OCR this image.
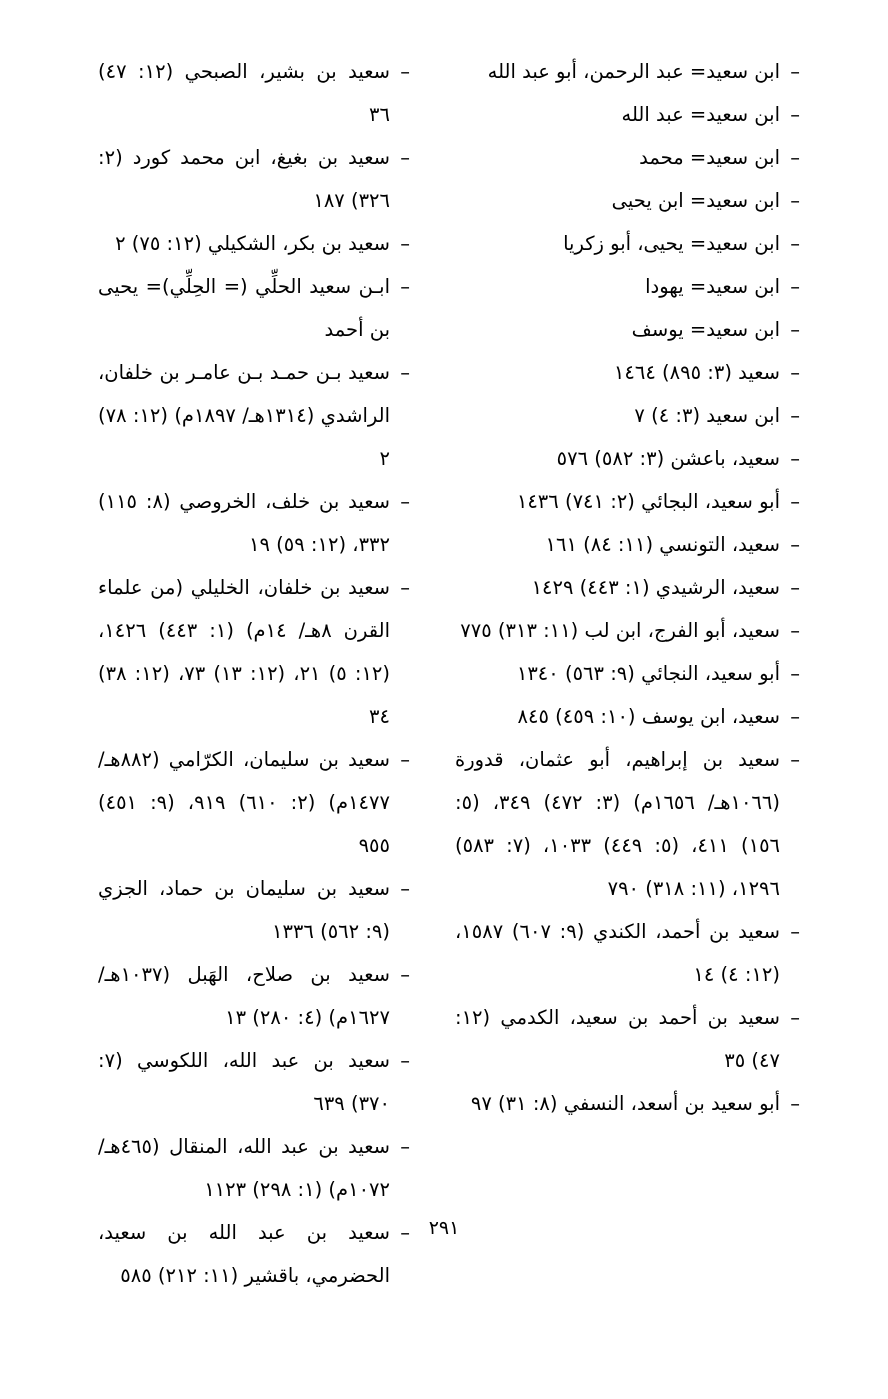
– ابن سعيد= عبد الرحمن، أبو عبد الله
– ابن سعيد= عبد الله
– ابن سعيد= محمد
– ابن سعيد= ابن يحيى
– ابن سعيد= يحيى، أبو زكريا
– ابن سعيد= يهودا
– ابن سعيد= يوسف
– سعيد (٣: ٨٩٥) ١٤٦٤
– ابن سعيد (٣: ٤) ٧
– سعيد، باعشن (٣: ٥٨٢) ٥٧٦
– أبو سعيد، البجائي (٢: ٧٤١) ١٤٣٦
– سعيد، التونسي (١١: ٨٤) ١٦١
– سعيد، الرشيدي (١: ٤٤٣) ١٤٢٩
– سعيد، أبو الفرج، ابن لب (١١: ٣١٣) ٧٧٥
– أبو سعيد، النجائي (٩: ٥٦٣) ١٣٤٠
– سعيد، ابن يوسف (١٠: ٤٥٩) ٨٤٥
– سعيد بن إبراهيم، أبو عثمان، قدورة (١٠٦٦هـ/ ١٦٥٦م) (٣: ٤٧٢) ٣٤٩، (٥: ١٥٦) ٤١١، (٥: ٤٤٩) ١٠٣٣، (٧: ٥٨٣) ١٢٩٦، (١١: ٣١٨) ٧٩٠
– سعيد بن أحمد، الكندي (٩: ٦٠٧) ١٥٨٧، (١٢: ٤) ١٤
– سعيد بن أحمد بن سعيد، الكدمي (١٢: ٤٧) ٣٥
– أبو سعيد بن أسعد، النسفي (٨: ٣١) ٩٧
– سعيد بن بشير، الصبحي (١٢: ٤٧) ٣٦
– سعيد بن بغيغ، ابن محمد كورد (٢: ٣٢٦) ١٨٧
– سعيد بن بكر، الشكيلي (١٢: ٧٥) ٢
– ابـن سعيد الحلِّي (= الحِلِّي)= يحيى بن أحمد
– سعيد بـن حمـد بـن عامـر بن خلفان، الراشدي (١٣١٤هـ/ ١٨٩٧م) (١٢: ٧٨) ٢
– سعيد بن خلف، الخروصي (٨: ١١٥) ٣٣٢، (١٢: ٥٩) ١٩
– سعيد بن خلفان، الخليلي (من علماء القرن ٨هـ/ ١٤م) (١: ٤٤٣) ١٤٢٦، (١٢: ٥) ٢١، (١٢: ١٣) ٧٣، (١٢: ٣٨) ٣٤
– سعيد بن سليمان، الكرّامي (٨٨٢هـ/ ١٤٧٧م) (٢: ٦١٠) ٩١٩، (٩: ٤٥١) ٩٥٥
– سعيد بن سليمان بن حماد، الجزي (٩: ٥٦٢) ١٣٣٦
– سعيد بن صلاح، الهَبل (١٠٣٧هـ/ ١٦٢٧م) (٤: ٢٨٠) ١٣
– سعيد بن عبد الله، اللكوسي (٧: ٣٧٠) ٦٣٩
– سعيد بن عبد الله، المنقال (٤٦٥هـ/ ١٠٧٢م) (١: ٢٩٨) ١١٢٣
– سعيد بن عبد الله بن سعيد، الحضرمي، باقشير (١١: ٢١٢) ٥٨٥
٢٩١
